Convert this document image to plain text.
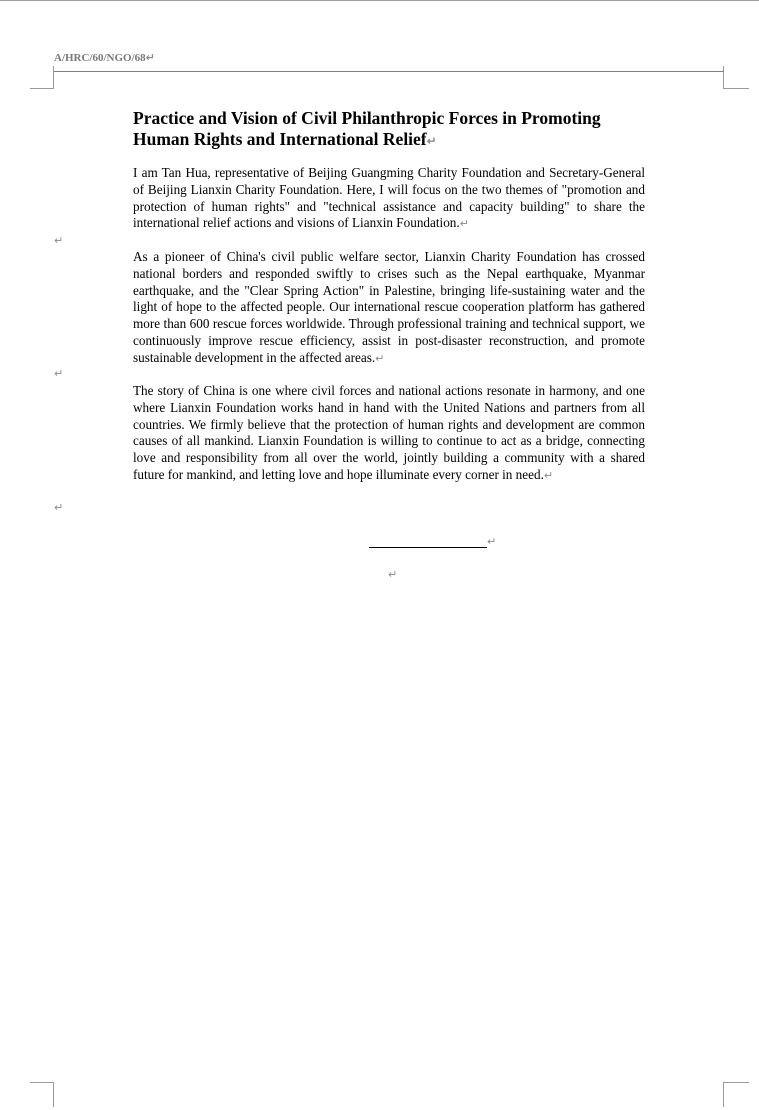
A/HRC/60/NGO/68↵
Practice and Vision of Civil Philanthropic Forces in Promoting Human Rights and International Relief↵

I am Tan Hua, representative of Beijing Guangming Charity Foundation and Secretary-General of Beijing Lianxin Charity Foundation. Here, I will focus on the two themes of "promotion and protection of human rights" and "technical assistance and capacity building" to share the international relief actions and visions of Lianxin Foundation.↵

↵

As a pioneer of China's civil public welfare sector, Lianxin Charity Foundation has crossed national borders and responded swiftly to crises such as the Nepal earthquake, Myanmar earthquake, and the "Clear Spring Action" in Palestine, bringing life-sustaining water and the light of hope to the affected people. Our international rescue cooperation platform has gathered more than 600 rescue forces worldwide. Through professional training and technical support, we continuously improve rescue efficiency, assist in post-disaster reconstruction, and promote sustainable development in the affected areas.↵

↵

The story of China is one where civil forces and national actions resonate in harmony, and one where Lianxin Foundation works hand in hand with the United Nations and partners from all countries. We firmly believe that the protection of human rights and development are common causes of all mankind. Lianxin Foundation is willing to continue to act as a bridge, connecting love and responsibility from all over the world, jointly building a community with a shared future for mankind, and letting love and hope illuminate every corner in need.↵

↵
↵
↵
